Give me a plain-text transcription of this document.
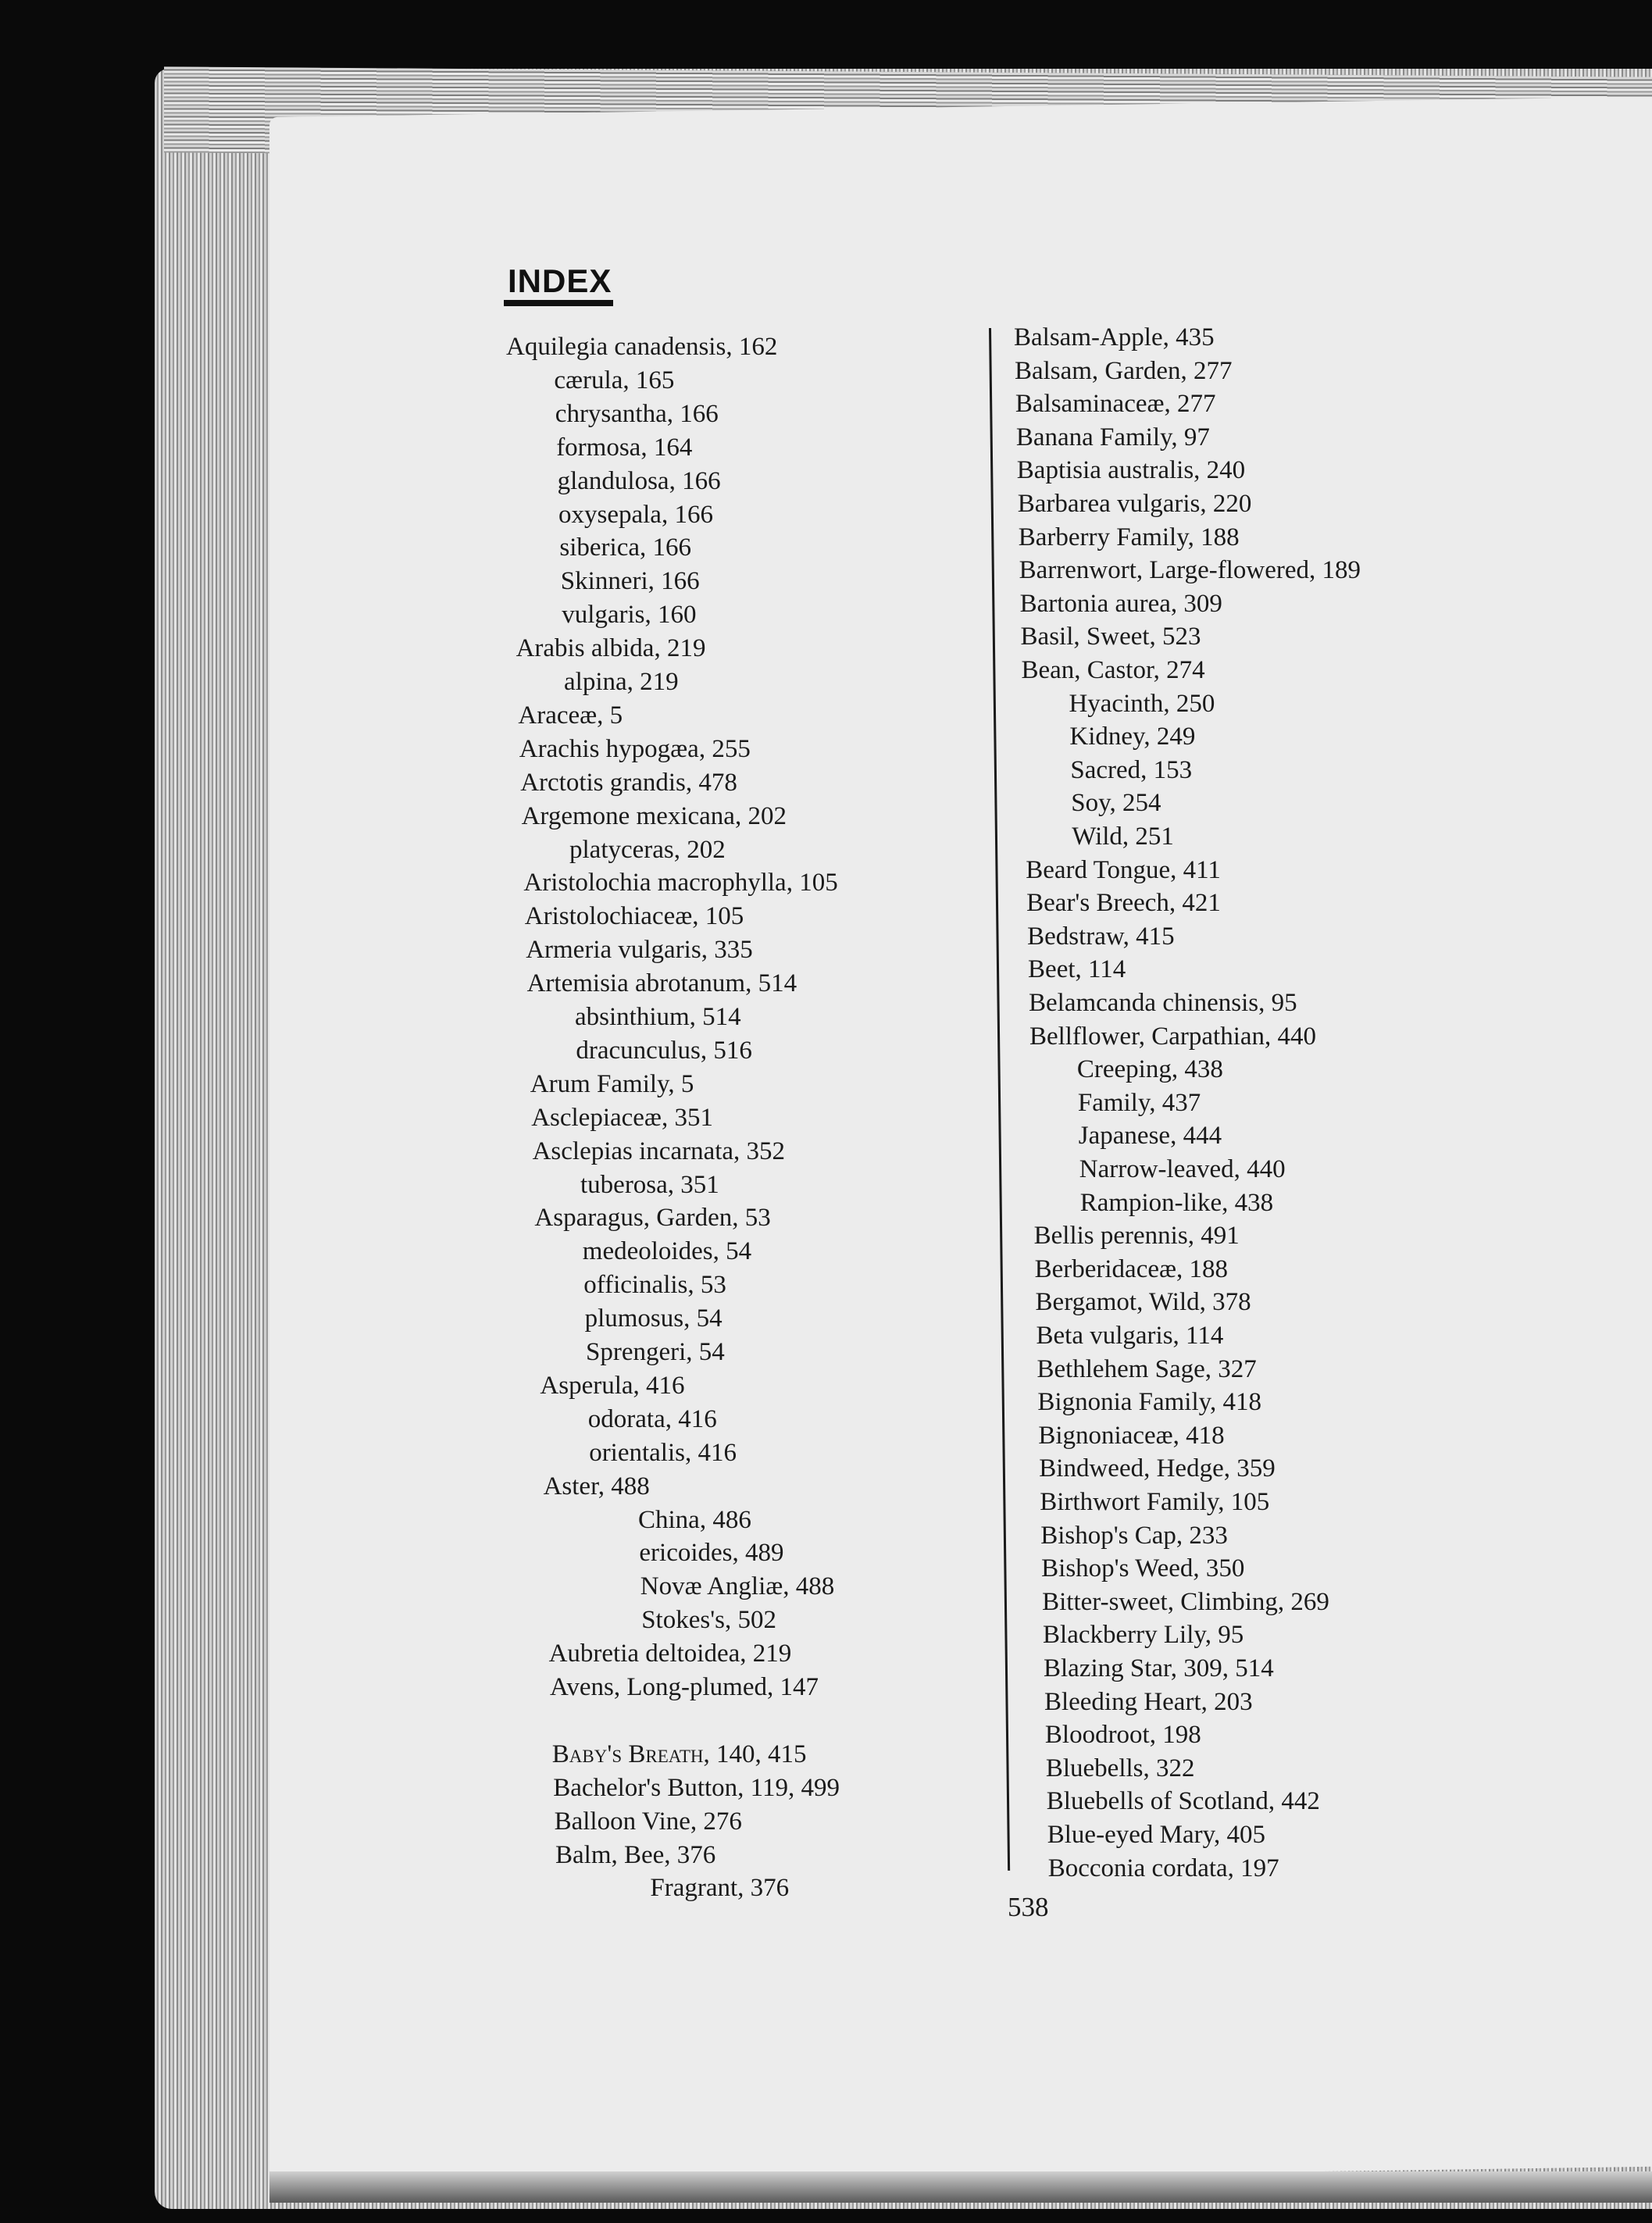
INDEX
Aquilegia canadensis, 162
cærula, 165
chrysantha, 166
formosa, 164
glandulosa, 166
oxysepala, 166
siberica, 166
Skinneri, 166
vulgaris, 160
Arabis albida, 219
alpina, 219
Araceæ, 5
Arachis hypogæa, 255
Arctotis grandis, 478
Argemone mexicana, 202
platyceras, 202
Aristolochia macrophylla, 105
Aristolochiaceæ, 105
Armeria vulgaris, 335
Artemisia abrotanum, 514
absinthium, 514
dracunculus, 516
Arum Family, 5
Asclepiaceæ, 351
Asclepias incarnata, 352
tuberosa, 351
Asparagus, Garden, 53
medeoloides, 54
officinalis, 53
plumosus, 54
Sprengeri, 54
Asperula, 416
odorata, 416
orientalis, 416
Aster, 488
China, 486
ericoides, 489
Novæ Angliæ, 488
Stokes's, 502
Aubretia deltoidea, 219
Avens, Long-plumed, 147
Baby's Breath, 140, 415
Bachelor's Button, 119, 499
Balloon Vine, 276
Balm, Bee, 376
Fragrant, 376
Balsam-Apple, 435
Balsam, Garden, 277
Balsaminaceæ, 277
Banana Family, 97
Baptisia australis, 240
Barbarea vulgaris, 220
Barberry Family, 188
Barrenwort, Large-flowered, 189
Bartonia aurea, 309
Basil, Sweet, 523
Bean, Castor, 274
Hyacinth, 250
Kidney, 249
Sacred, 153
Soy, 254
Wild, 251
Beard Tongue, 411
Bear's Breech, 421
Bedstraw, 415
Beet, 114
Belamcanda chinensis, 95
Bellflower, Carpathian, 440
Creeping, 438
Family, 437
Japanese, 444
Narrow-leaved, 440
Rampion-like, 438
Bellis perennis, 491
Berberidaceæ, 188
Bergamot, Wild, 378
Beta vulgaris, 114
Bethlehem Sage, 327
Bignonia Family, 418
Bignoniaceæ, 418
Bindweed, Hedge, 359
Birthwort Family, 105
Bishop's Cap, 233
Bishop's Weed, 350
Bitter-sweet, Climbing, 269
Blackberry Lily, 95
Blazing Star, 309, 514
Bleeding Heart, 203
Bloodroot, 198
Bluebells, 322
Bluebells of Scotland, 442
Blue-eyed Mary, 405
Bocconia cordata, 197
538
